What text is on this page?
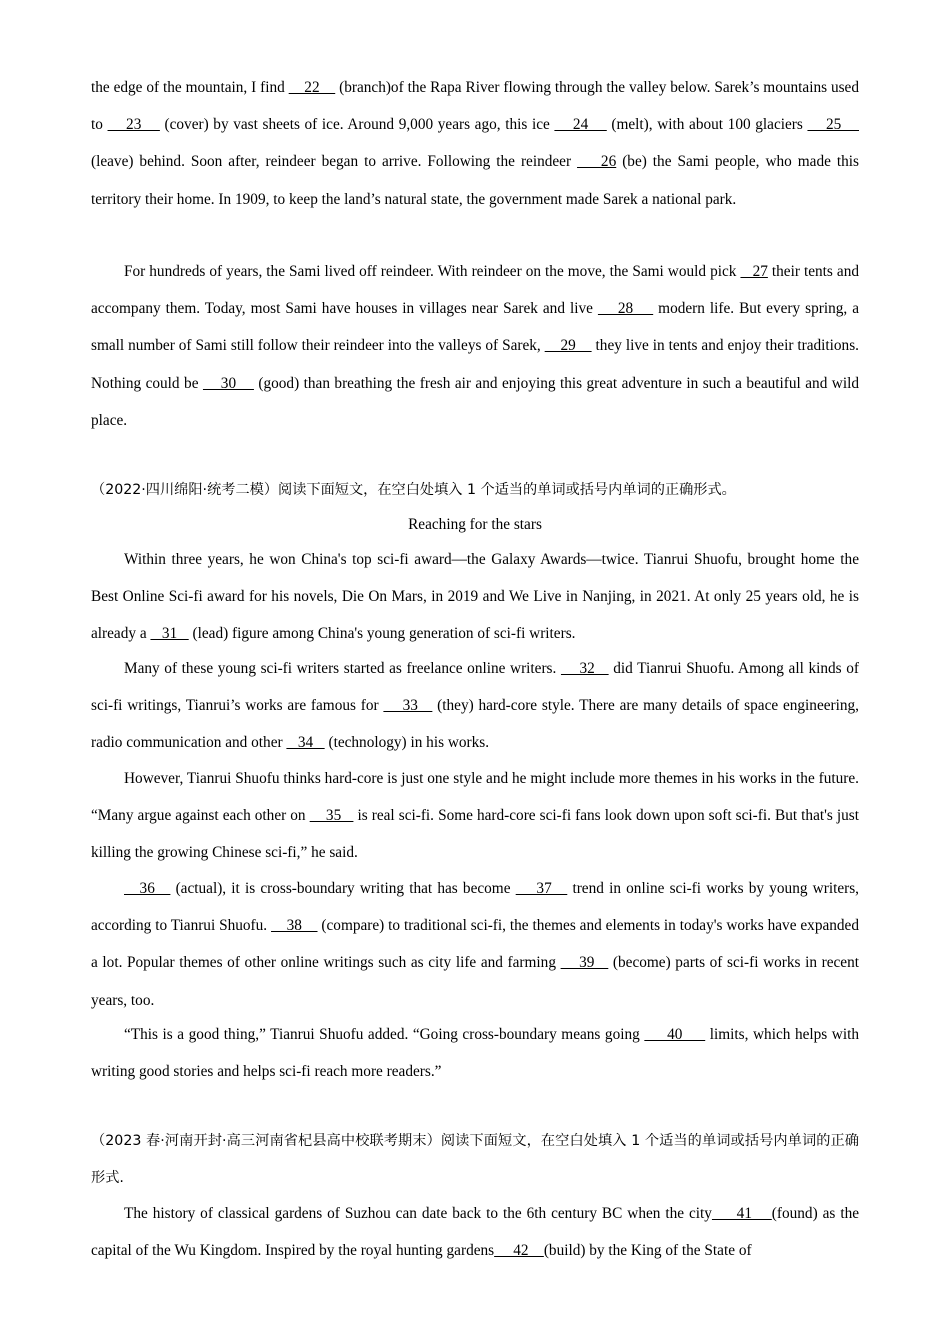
the edge of the mountain, I find     22     (branch)of the Rapa River flowing through the valley below. Sarek’s mountains used to     23     (cover) by vast sheets of ice. Around 9,000 years ago, this ice     24     (melt), with about 100 glaciers     25     (leave) behind. Soon after, reindeer began to arrive. Following the reindeer     26 (be) the Sami people, who made this territory their home. In 1909, to keep the land’s natural state, the government made Sarek a national park.

For hundreds of years, the Sami lived off reindeer. With reindeer on the move, the Sami would pick    27 their tents and accompany them. Today, most Sami have houses in villages near Sarek and live     28     modern life. But every spring, a small number of Sami still follow their reindeer into the valleys of Sarek,     29     they live in tents and enjoy their traditions. Nothing could be     30     (good) than breathing the fresh air and enjoying this great adventure in such a beautiful and wild place.

（2022·四川绵阳·统考二模）阅读下面短文，在空白处填入 1 个适当的单词或括号内单词的正确形式。

Reaching for the stars

Within three years, he won China's top sci-fi award—the Galaxy Awards—twice. Tianrui Shuofu, brought home the Best Online Sci-fi award for his novels, Die On Mars, in 2019 and We Live in Nanjing, in 2021. At only 25 years old, he is already a    31    (lead) figure among China's young generation of sci-fi writers.

Many of these young sci-fi writers started as freelance online writers.     32    did Tianrui Shuofu. Among all kinds of sci-fi writings, Tianrui’s works are famous for     33    (they) hard-core style. There are many details of space engineering, radio communication and other    34    (technology) in his works.

However, Tianrui Shuofu thinks hard-core is just one style and he might include more themes in his works in the future. “Many argue against each other on     35    is real sci-fi. Some hard-core sci-fi fans look down upon soft sci-fi. But that's just killing the growing Chinese sci-fi,” he said.

36    (actual), it is cross-boundary writing that has become     37    trend in online sci-fi works by young writers, according to Tianrui Shuofu.     38     (compare) to traditional sci-fi, the themes and elements in today's works have expanded a lot. Popular themes of other online writings such as city life and farming     39    (become) parts of sci-fi works in recent years, too.

“This is a good thing,” Tianrui Shuofu added. “Going cross-boundary means going      40      limits, which helps with writing good stories and helps sci-fi reach more readers.”

（2023 春·河南开封·高三河南省杞县高中校联考期末）阅读下面短文，在空白处填入 1 个适当的单词或括号内单词的正确形式.

The history of classical gardens of Suzhou can date back to the 6th century BC when the city     41    (found) as the capital of the Wu Kingdom. Inspired by the royal hunting gardens     42    (build) by the King of the State of
